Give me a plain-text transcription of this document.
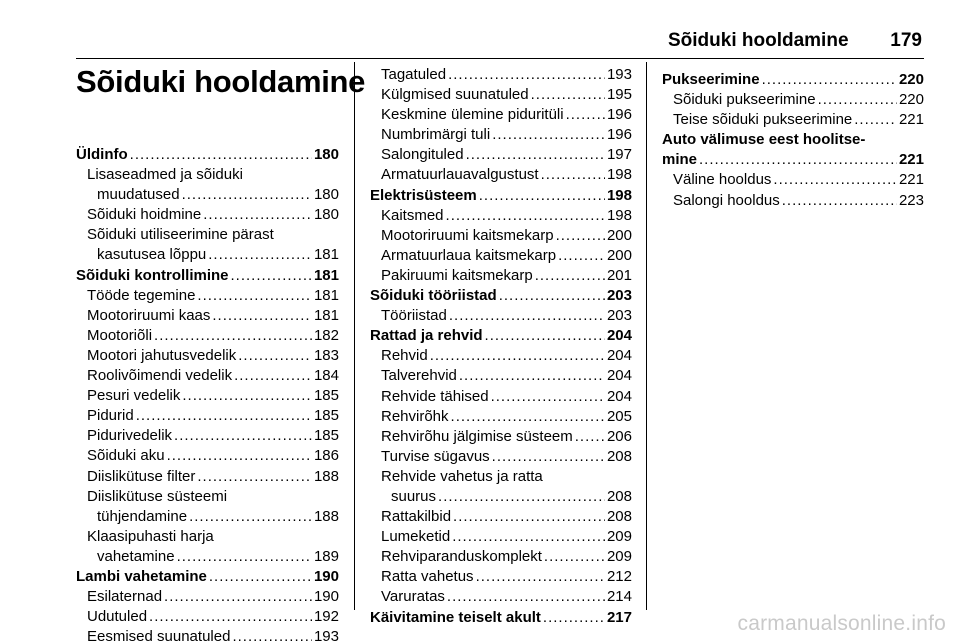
Sõiduki hooldamine 179
Sõiduki hooldamine
Üldinfo .....	180
Lisaseadmed ja sõiduki
muudatused .....	180
Sõiduki hoidmine .....	180
Sõiduki utiliseerimine pärast
kasutusea lõppu .....	181
Sõiduki kontrollimine .....	181
Tööde tegemine .....	181
Mootoriruumi kaas .....	181
Mootoriõli .....	182
Mootori jahutusvedelik .....	183
Roolivõimendi vedelik .....	184
Pesuri vedelik .....	185
Pidurid .....	185
Pidurivedelik .....	185
Sõiduki aku .....	186
Diislikütuse filter .....	188
Diislikütuse süsteemi
tühjendamine .....	188
Klaasipuhasti harja
vahetamine .....	189
Lambi vahetamine .....	190
Esilaternad .....	190
Udutuled .....	192
Eesmised suunatuled .....	193
Tagatuled .....	193
Külgmised suunatuled .....	195
Keskmine ülemine piduritüli .....	196
Numbrimärgi tuli .....	196
Salongituled .....	197
Armatuurlauavalgustust .....	198
Elektrisüsteem .....	198
Kaitsmed .....	198
Mootoriruumi kaitsmekarp .....	200
Armatuurlaua kaitsmekarp .....	200
Pakiruumi kaitsmekarp .....	201
Sõiduki tööriistad .....	203
Tööriistad .....	203
Rattad ja rehvid .....	204
Rehvid .....	204
Talverehvid .....	204
Rehvide tähised .....	204
Rehvirõhk .....	205
Rehvirõhu jälgimise süsteem ..... 206
Turvise sügavus .....	208
Rehvide vahetus ja ratta
suurus .....	208
Rattakilbid .....	208
Lumeketid .....	209
Rehviparanduskomplekt .....	209
Ratta vahetus .....	212
Varuratas .....	214
Käivitamine teiselt akult .....	217
Pukseerimine .....	220
Sõiduki pukseerimine .....	220
Teise sõiduki pukseerimine .....	221
Auto välimuse eest hoolitse-
mine .....	221
Väline hooldus .....	221
Salongi hooldus .....	223
carmanualsonline.info
